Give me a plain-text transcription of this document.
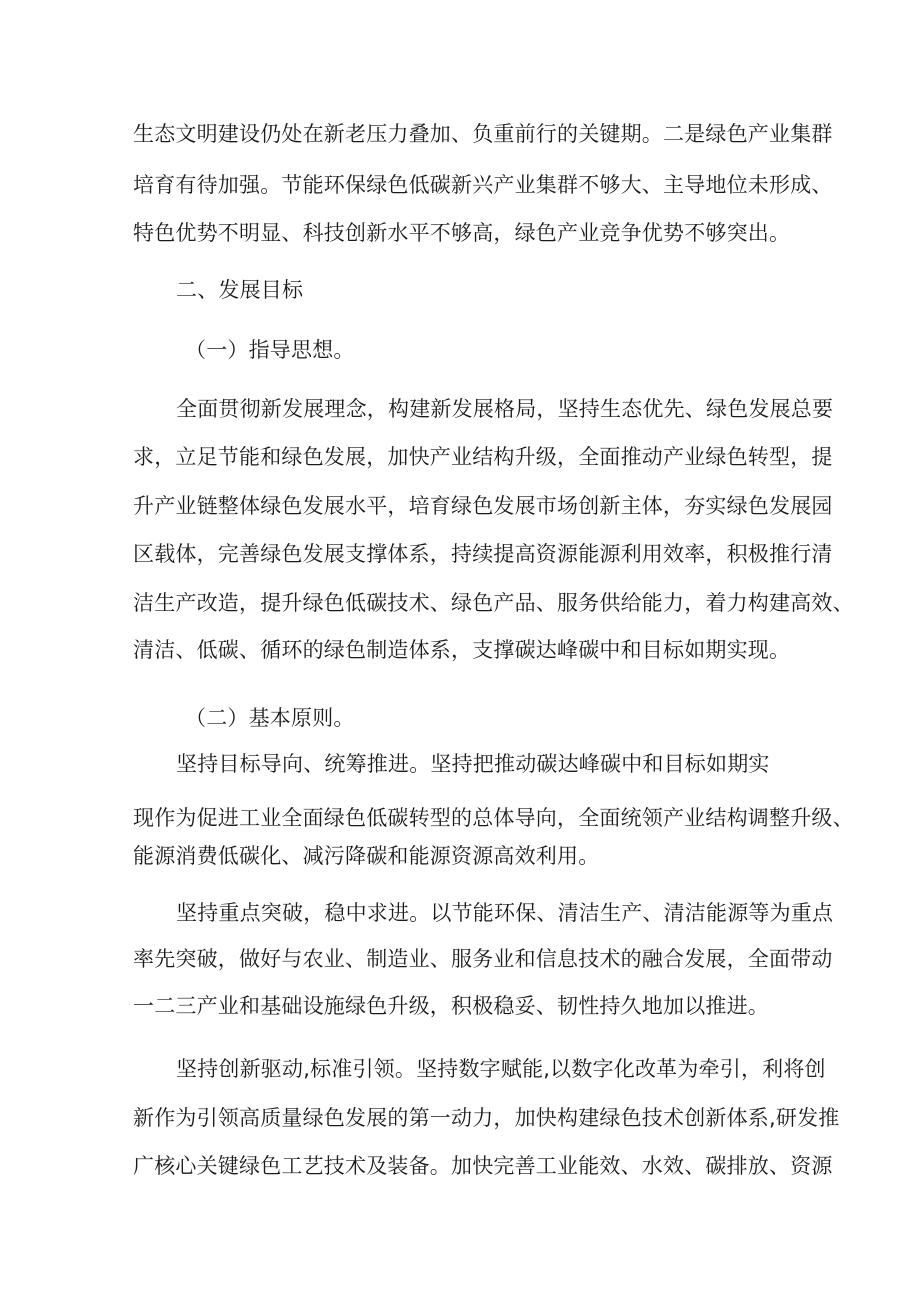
生态文明建设仍处在新老压力叠加、负重前行的关键期。二是绿色产业集群
培育有待加强。节能环保绿色低碳新兴产业集群不够大、主导地位未形成、
特色优势不明显、科技创新水平不够高，绿色产业竞争优势不够突出。
二、发展目标
（一）指导思想。
全面贯彻新发展理念，构建新发展格局，坚持生态优先、绿色发展总要
求，立足节能和绿色发展，加快产业结构升级，全面推动产业绿色转型，提
升产业链整体绿色发展水平，培育绿色发展市场创新主体，夯实绿色发展园
区载体，完善绿色发展支撑体系，持续提高资源能源利用效率，积极推行清
洁生产改造，提升绿色低碳技术、绿色产品、服务供给能力，着力构建高效、
清洁、低碳、循环的绿色制造体系，支撑碳达峰碳中和目标如期实现。
（二）基本原则。
坚持目标导向、统筹推进。坚持把推动碳达峰碳中和目标如期实
现作为促进工业全面绿色低碳转型的总体导向，全面统领产业结构调整升级、
能源消费低碳化、减污降碳和能源资源高效利用。
坚持重点突破，稳中求进。以节能环保、清洁生产、清洁能源等为重点
率先突破，做好与农业、制造业、服务业和信息技术的融合发展，全面带动
一二三产业和基础设施绿色升级，积极稳妥、韧性持久地加以推进。
坚持创新驱动,标准引领。坚持数字赋能,以数字化改革为牵引，利将创
新作为引领高质量绿色发展的第一动力，加快构建绿色技术创新体系,研发推
广核心关键绿色工艺技术及装备。加快完善工业能效、水效、碳排放、资源
